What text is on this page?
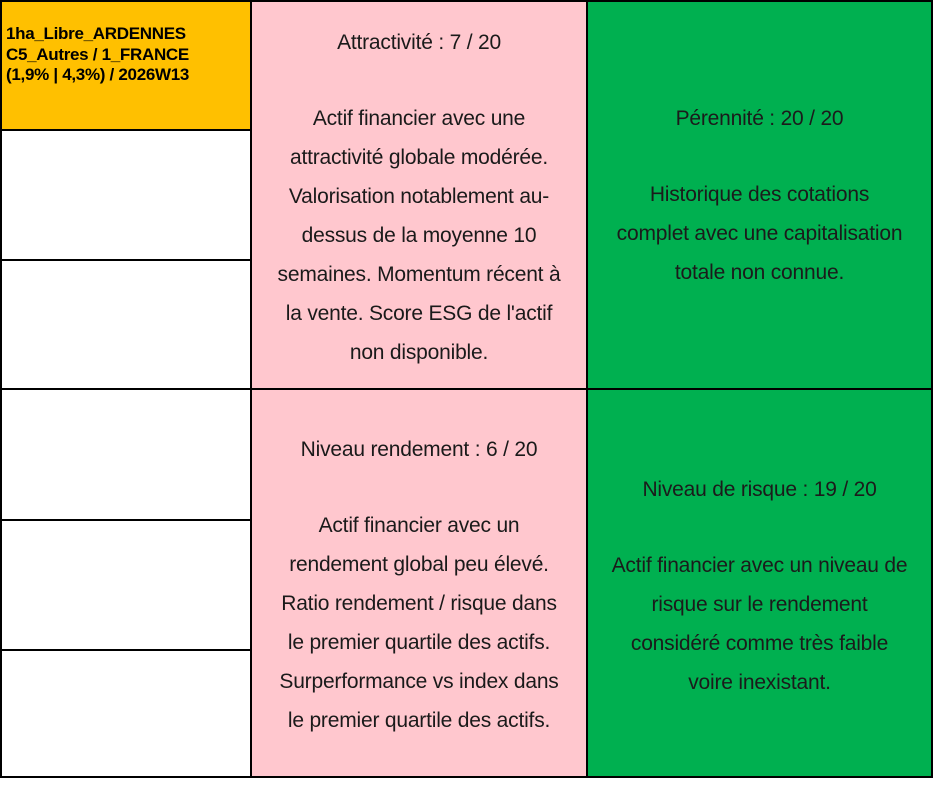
1ha_Libre_ARDENNES
C5_Autres / 1_FRANCE
(1,9% | 4,3%) / 2026W13
Attractivité : 7 / 20
Actif financier avec une
attractivité globale modérée.
Valorisation notablement au-
dessus de la moyenne 10
semaines. Momentum récent à
la vente. Score ESG de l'actif
non disponible.
Pérennité : 20 / 20
Historique des cotations
complet avec une capitalisation
totale non connue.
Niveau rendement : 6 / 20
Actif financier avec un
rendement global peu élevé.
Ratio rendement / risque dans
le premier quartile des actifs.
Surperformance vs index dans
le premier quartile des actifs.
Niveau de risque : 19 / 20
Actif financier avec un niveau de
risque sur le rendement
considéré comme très faible
voire inexistant.
